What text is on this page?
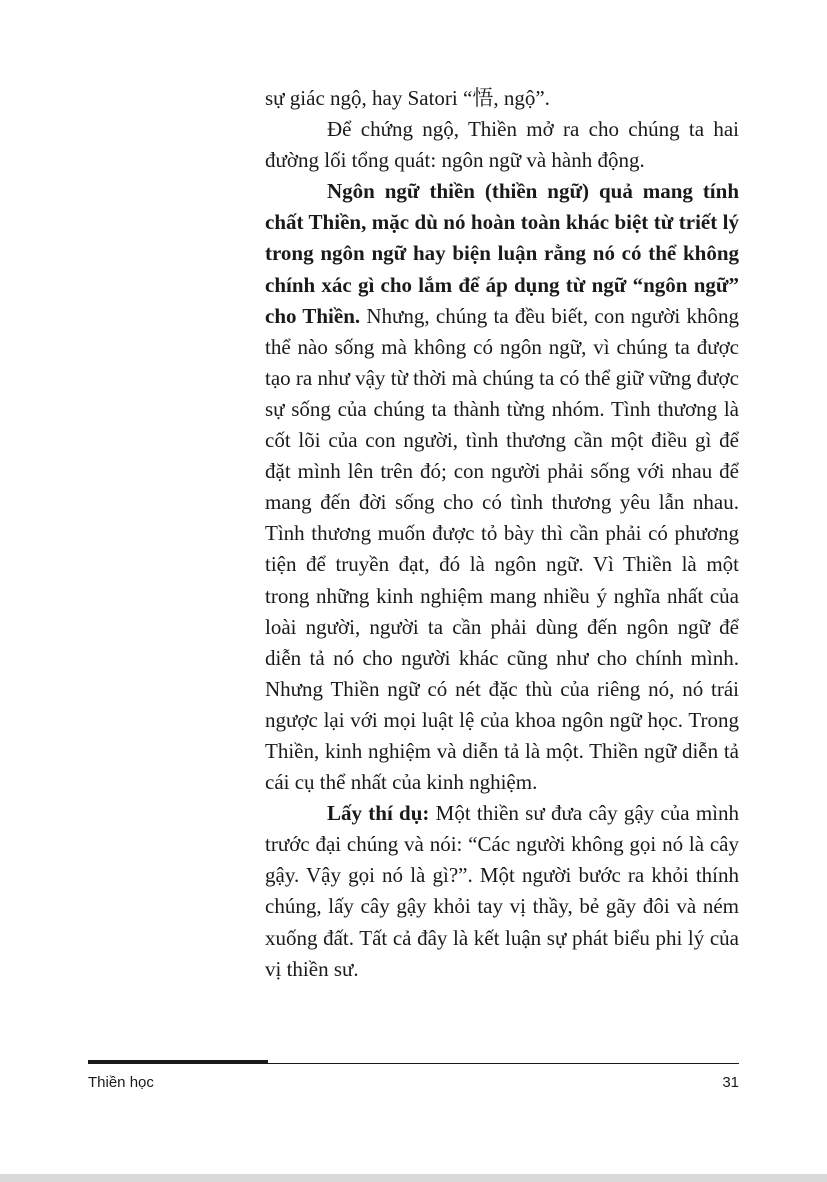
sự giác ngộ, hay Satori “悟, ngộ”.

Để chứng ngộ, Thiền mở ra cho chúng ta hai đường lối tổng quát: ngôn ngữ và hành động.

Ngôn ngữ thiền (thiền ngữ) quả mang tính chất Thiền, mặc dù nó hoàn toàn khác biệt từ triết lý trong ngôn ngữ hay biện luận rằng nó có thể không chính xác gì cho lắm để áp dụng từ ngữ “ngôn ngữ” cho Thiền. Nhưng, chúng ta đều biết, con người không thể nào sống mà không có ngôn ngữ, vì chúng ta được tạo ra như vậy từ thời mà chúng ta có thể giữ vững được sự sống của chúng ta thành từng nhóm. Tình thương là cốt lõi của con người, tình thương cần một điều gì để đặt mình lên trên đó; con người phải sống với nhau để mang đến đời sống cho có tình thương yêu lẫn nhau. Tình thương muốn được tỏ bày thì cần phải có phương tiện để truyền đạt, đó là ngôn ngữ. Vì Thiền là một trong những kinh nghiệm mang nhiều ý nghĩa nhất của loài người, người ta cần phải dùng đến ngôn ngữ để diễn tả nó cho người khác cũng như cho chính mình. Nhưng Thiền ngữ có nét đặc thù của riêng nó, nó trái ngược lại với mọi luật lệ của khoa ngôn ngữ học. Trong Thiền, kinh nghiệm và diễn tả là một. Thiền ngữ diễn tả cái cụ thể nhất của kinh nghiệm.

Lấy thí dụ: Một thiền sư đưa cây gậy của mình trước đại chúng và nói: “Các người không gọi nó là cây gậy. Vậy gọi nó là gì?”. Một người bước ra khỏi thính chúng, lấy cây gậy khỏi tay vị thầy, bẻ gãy đôi và ném xuống đất. Tất cả đây là kết luận sự phát biểu phi lý của vị thiền sư.

Thiền học	31
